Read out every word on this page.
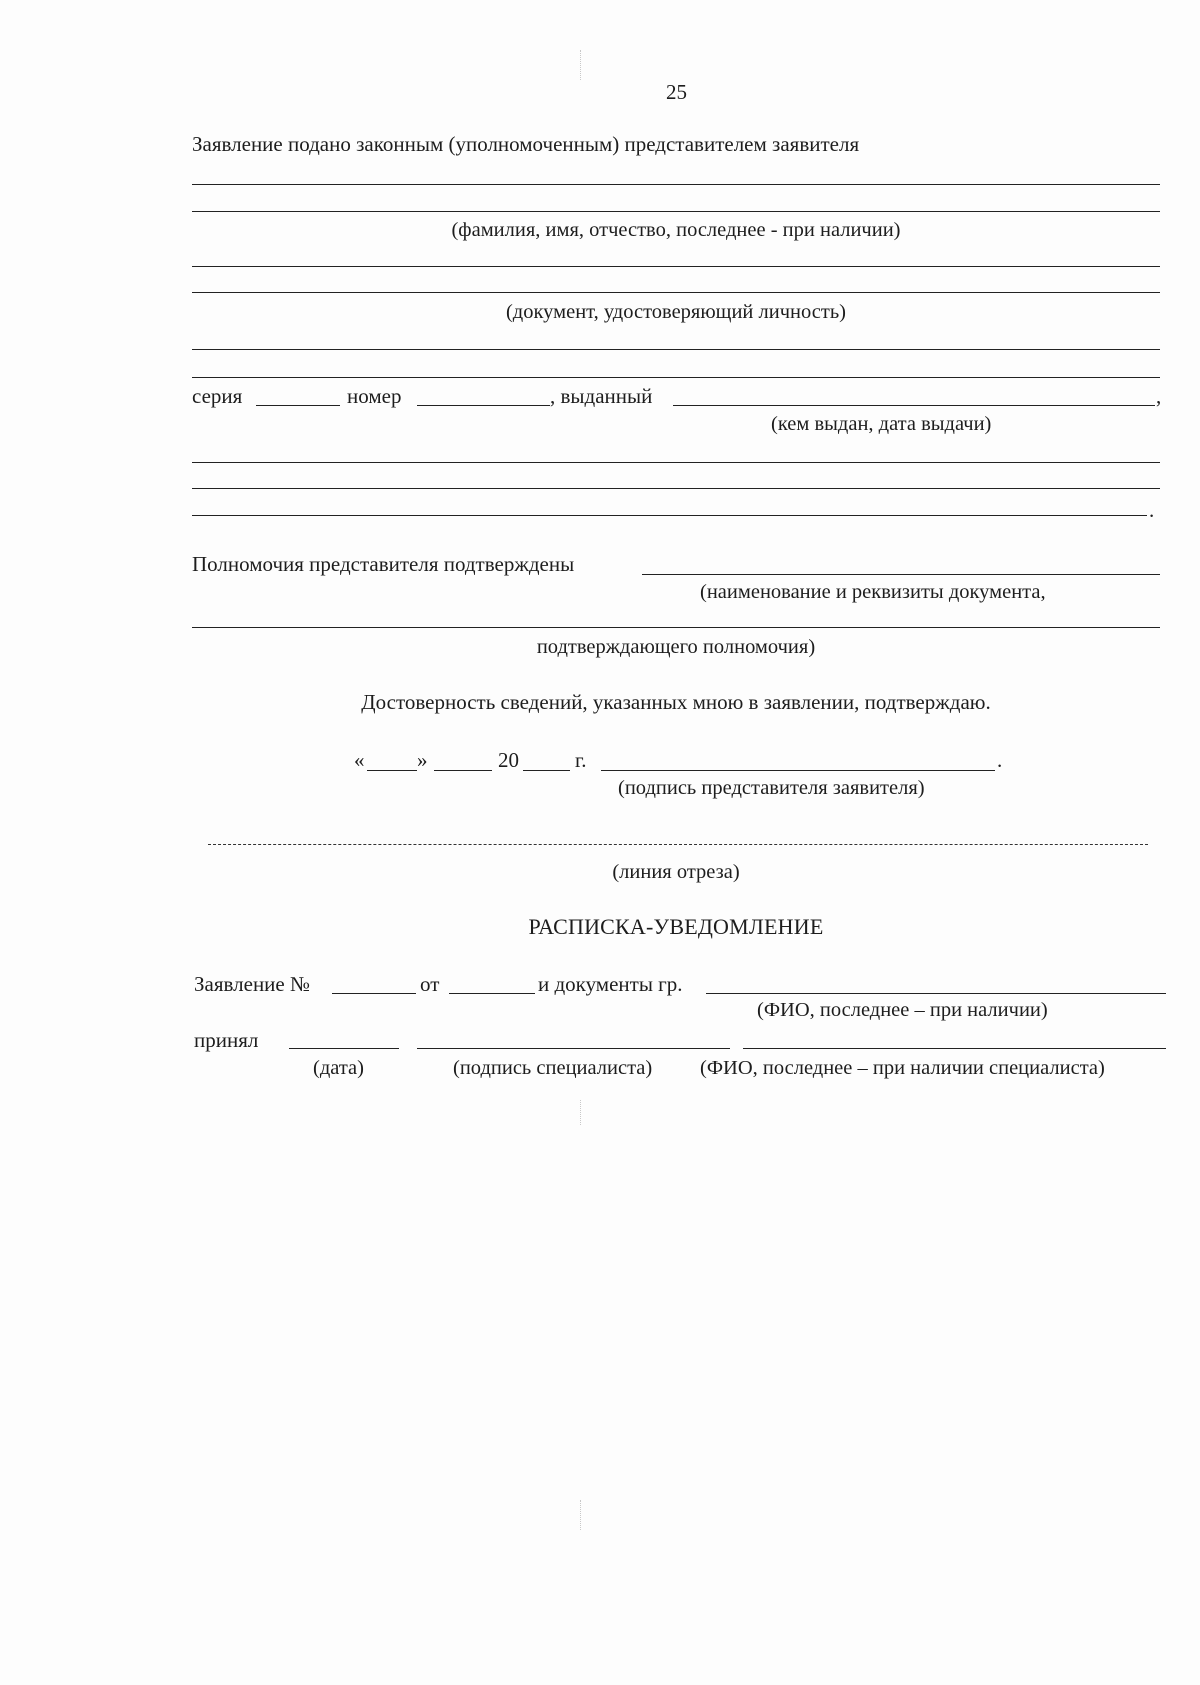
25
Заявление подано законным (уполномоченным) представителем заявителя
(фамилия, имя, отчество, последнее - при наличии)
(документ, удостоверяющий личность)
серия	номер	, выданный	,
(кем выдан, дата выдачи)
.
Полномочия представителя подтверждены
(наименование и реквизиты документа,
подтверждающего полномочия)
Достоверность сведений, указанных мною в заявлении, подтверждаю.
«	»	20	г.	.
(подпись представителя заявителя)
(линия отреза)
РАСПИСКА-УВЕДОМЛЕНИЕ
Заявление №	от	и документы гр.
(ФИО, последнее – при наличии)
принял
(дата)	(подпись специалиста) (ФИО, последнее – при наличии специалиста)
